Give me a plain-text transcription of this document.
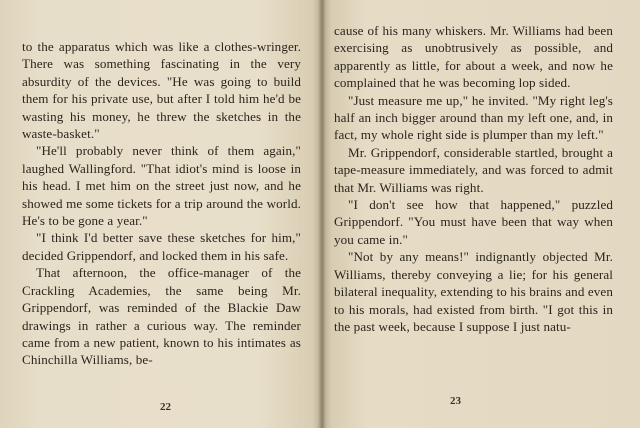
to the apparatus which was like a clothes-wringer. There was something fascinating in the very absurdity of the devices. "He was going to build them for his private use, but after I told him he'd be wasting his money, he threw the sketches in the waste-basket."

"He'll probably never think of them again," laughed Wallingford. "That idiot's mind is loose in his head. I met him on the street just now, and he showed me some tickets for a trip around the world. He's to be gone a year."

"I think I'd better save these sketches for him," decided Grippendorf, and locked them in his safe.

That afternoon, the office-manager of the Crackling Academies, the same being Mr. Grippendorf, was reminded of the Blackie Daw drawings in rather a curious way. The reminder came from a new patient, known to his intimates as Chinchilla Williams, be-

22

cause of his many whiskers. Mr. Williams had been exercising as unobtrusively as possible, and apparently as little, for about a week, and now he complained that he was becoming lop sided.

"Just measure me up," he invited. "My right leg's half an inch bigger around than my left one, and, in fact, my whole right side is plumper than my left."

Mr. Grippendorf, considerable startled, brought a tape-measure immediately, and was forced to admit that Mr. Williams was right.

"I don't see how that happened," puzzled Grippendorf. "You must have been that way when you came in."

"Not by any means!" indignantly objected Mr. Williams, thereby conveying a lie; for his general bilateral inequality, extending to his brains and even to his morals, had existed from birth. "I got this in the past week, because I suppose I just natu-

23
